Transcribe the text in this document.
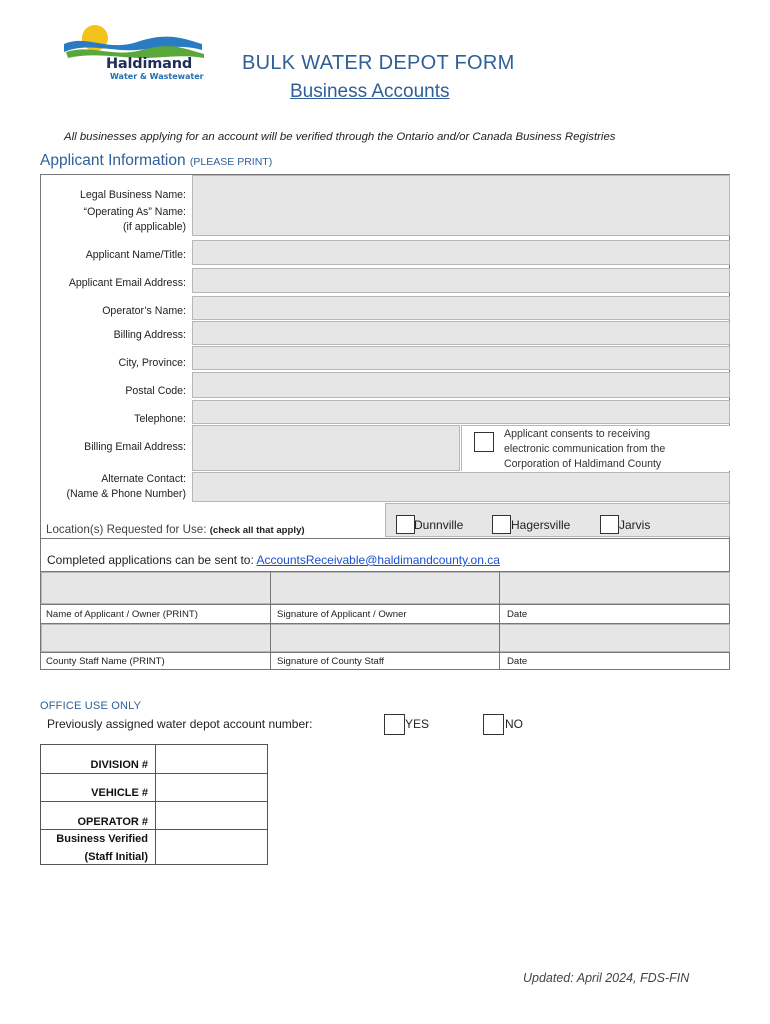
Haldimand
Water & Wastewater
BULK WATER DEPOT FORM
Business Accounts
All businesses applying for an account will be verified through the Ontario and/or Canada Business Registries
Applicant Information (PLEASE PRINT)
Legal Business Name:
“Operating As” Name:
(if applicable)
Applicant Name/Title:
Applicant Email Address:
Operator’s Name:
Billing Address:
City, Province:
Postal Code:
Telephone:
Billing Email Address:
Alternate Contact:
(Name & Phone Number)
Applicant consents to receiving
electronic communication from the
Corporation of Haldimand County
Location(s) Requested for Use: (check all that apply)	Dunnville	Hagersville	Jarvis
Completed applications can be sent to: AccountsReceivable@haldimandcounty.on.ca
Name of Applicant / Owner (PRINT)	Signature of Applicant / Owner	Date
County Staff Name (PRINT)	Signature of County Staff	Date
OFFICE USE ONLY
Previously assigned water depot account number:	YES	NO
DIVISION #
VEHICLE #
OPERATOR #
Business Verified
(Staff Initial)
Updated: April 2024, FDS-FIN
